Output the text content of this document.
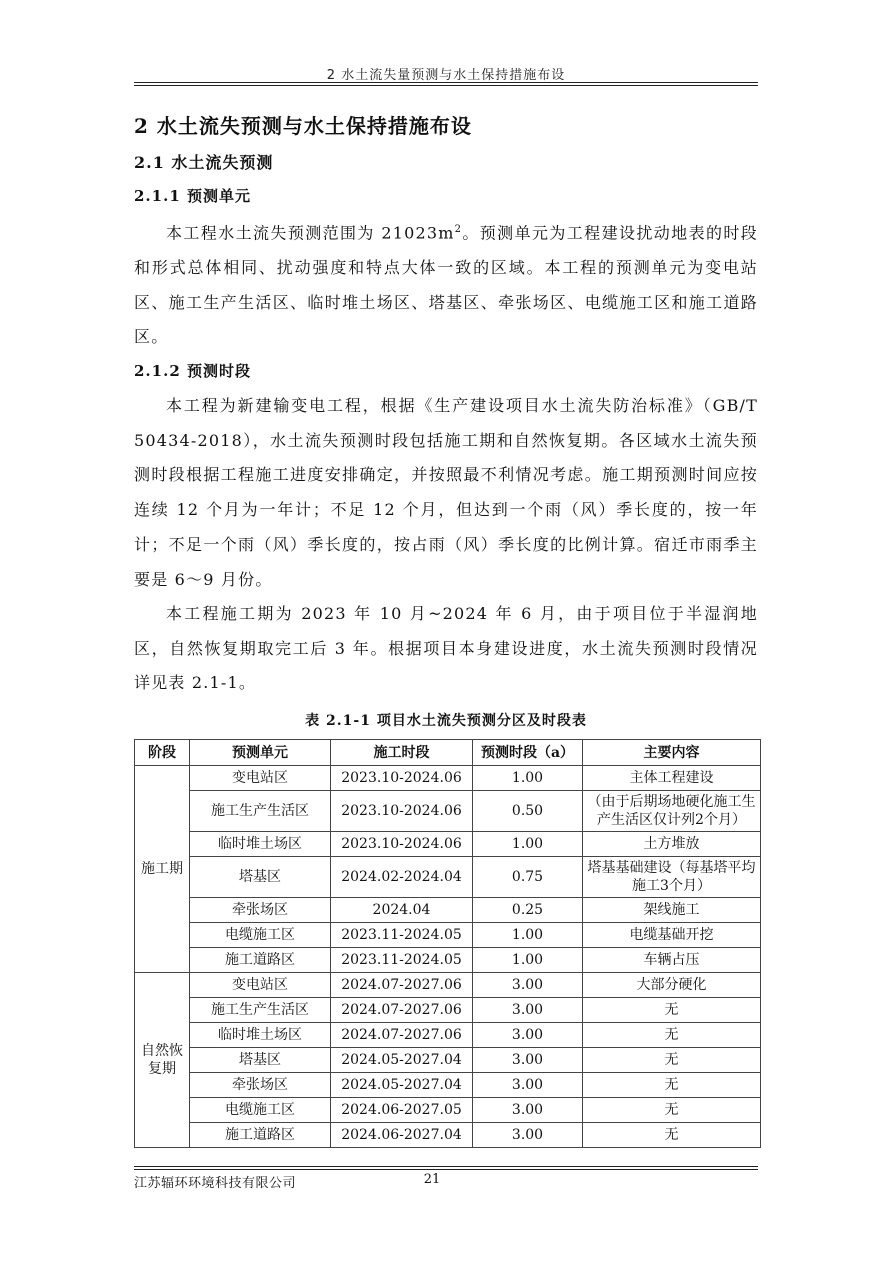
2 水土流失量预测与水土保持措施布设
2 水土流失预测与水土保持措施布设
2.1 水土流失预测
2.1.1 预测单元

本工程水土流失预测范围为 $21023m^2$。预测单元为工程建设扰动地表的时段和形式总体相同、扰动强度和特点大体一致的区域。本工程的预测单元为变电站区、施工生产生活区、临时堆土场区、塔基区、牵张场区、电缆施工区和施工道路区。

2.1.2 预测时段

本工程为新建输变电工程，根据《生产建设项目水土流失防治标准》（GB/T 50434-2018），水土流失预测时段包括施工期和自然恢复期。各区域水土流失预测时段根据工程施工进度安排确定，并按照最不利情况考虑。施工期预测时间应按连续 12 个月为一年计；不足 12 个月，但达到一个雨（风）季长度的，按一年计；不足一个雨（风）季长度的，按占雨（风）季长度的比例计算。宿迁市雨季主要是 6～9 月份。

本工程施工期为 2023 年 10 月~2024 年 6 月，由于项目位于半湿润地区，自然恢复期取完工后 3 年。根据项目本身建设进度，水土流失预测时段情况详见表 2.1-1。

表 2.1-1 项目水土流失预测分区及时段表
阶段	预测单元	施工时段	预测时段（a）	主要内容
施工期	变电站区	2023.10-2024.06	1.00	主体工程建设
	施工生产生活区	2023.10-2024.06	0.50	（由于后期场地硬化施工生产生活区仅计列2个月）
	临时堆土场区	2023.10-2024.06	1.00	土方堆放
	塔基区	2024.02-2024.04	0.75	塔基基础建设（每基塔平均施工3个月）
	牵张场区	2024.04	0.25	架线施工
	电缆施工区	2023.11-2024.05	1.00	电缆基础开挖
	施工道路区	2023.11-2024.05	1.00	车辆占压
自然恢复期	变电站区	2024.07-2027.06	3.00	大部分硬化
	施工生产生活区	2024.07-2027.06	3.00	无
	临时堆土场区	2024.07-2027.06	3.00	无
	塔基区	2024.05-2027.04	3.00	无
	牵张场区	2024.05-2027.04	3.00	无
	电缆施工区	2024.06-2027.05	3.00	无
	施工道路区	2024.06-2027.04	3.00	无
江苏辐环环境科技有限公司	21
